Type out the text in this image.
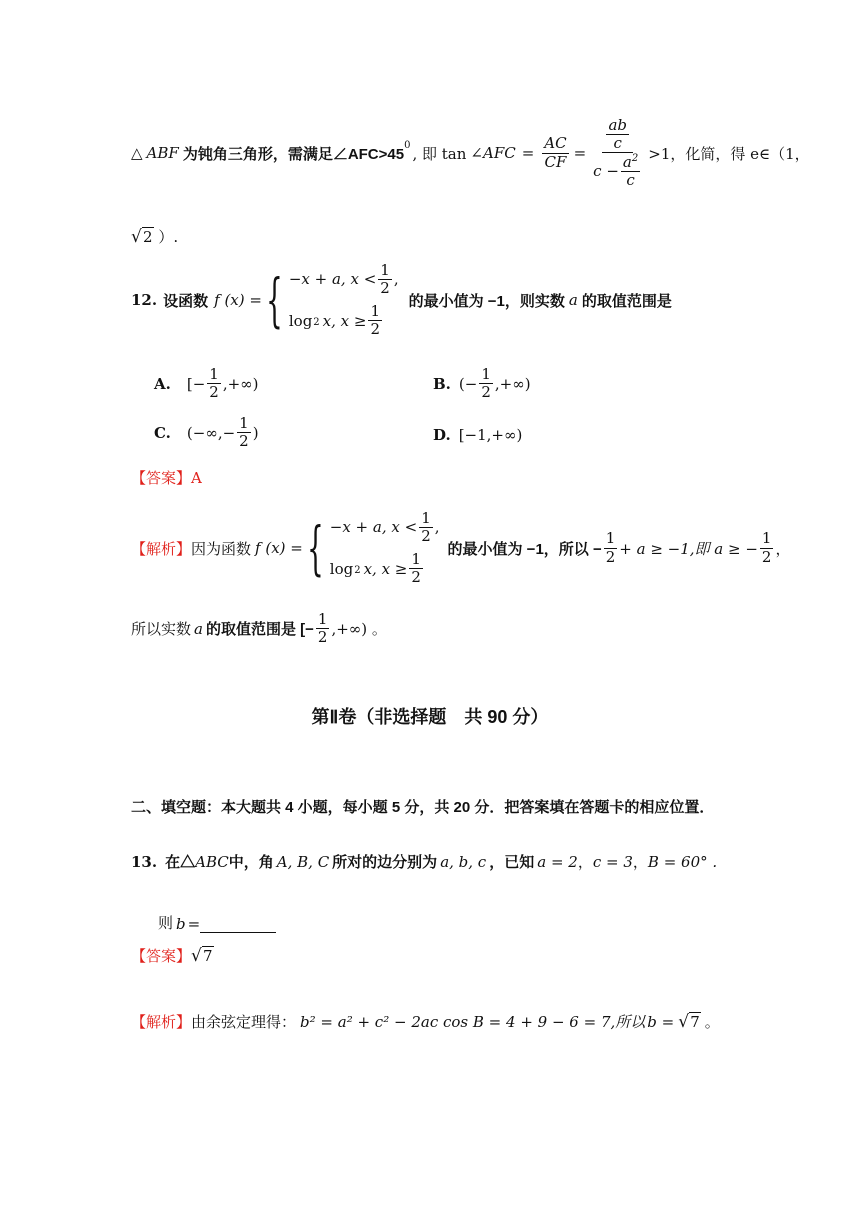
△ ABF 为钝角三角形，需满足∠AFC>45
$^0$ , 即 tan ∠ AFC = $\frac{AC}{CF} = \frac{\frac{ab}{c}}{c - \frac{a^2}{c}} >1$，化简，得 e∈（1，
√ 2 ）.
12. 设函数 f (x) = { −x + a, $x < \frac{1}{2}$ ,
log 2 x, $x \ge \frac{1}{2}$
的最小值为 −1，则实数 a 的取值范围是
A. [− $\frac{1}{2}$ ,+∞)	B. (− $\frac{1}{2}$ ,+∞)
C. (−∞,− $\frac{1}{2}$ )	D. [−1,+∞)
【答案】A
【解析】 因为函数 f (x) = { −x + a, $x < \frac{1}{2}$ ,
log 2 x, $x \ge \frac{1}{2}$
的最小值为 −1，所以 − $\frac{1}{2} + a \ge -1$,即 a ≥ − $\frac{1}{2}$ ，
所以实数 a 的取值范围是 [− $\frac{1}{2}$ ,+∞) 。
第Ⅱ卷（非选择题　共 90 分）
二、填空题：本大题共 4 小题，每小题 5 分，共 20 分．把答案填在答题卡的相应位置．
13. 在△ ABC 中，角 A, B, C 所对的边分别为 a, b, c ，已知 a = 2 ， c = 3 ， B = 60° .
则 b =
【答案】 √ 7
【解析】 由余弦定理得： b² = a² + c² − 2ac cos B = 4 + 9 − 6 = 7,所以 b =	√ 7 。
